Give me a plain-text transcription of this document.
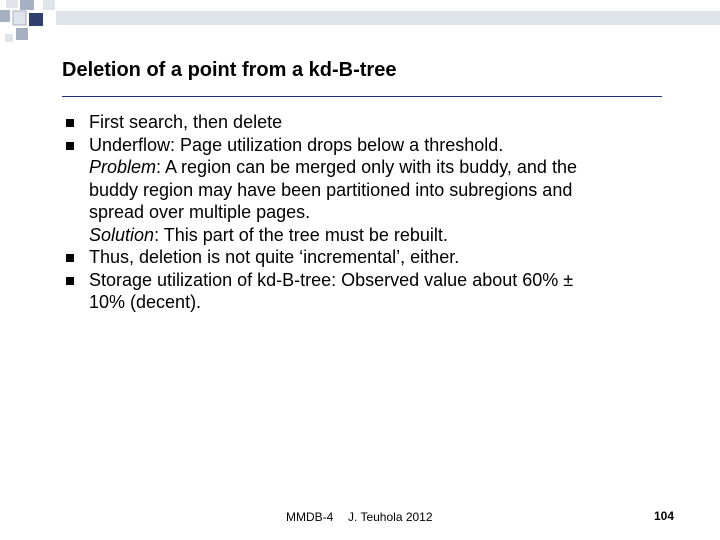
Deletion of a point from a kd-B-tree
First search, then delete
Underflow: Page utilization drops below a threshold.
Problem: A region can be merged only with its buddy, and the
buddy region may have been partitioned into subregions and
spread over multiple pages.
Solution: This part of the tree must be rebuilt.
Thus, deletion is not quite ‘incremental’, either.
Storage utilization of kd-B-tree: Observed value about 60% ±
10% (decent).
MMDB-4 J. Teuhola 2012	104
